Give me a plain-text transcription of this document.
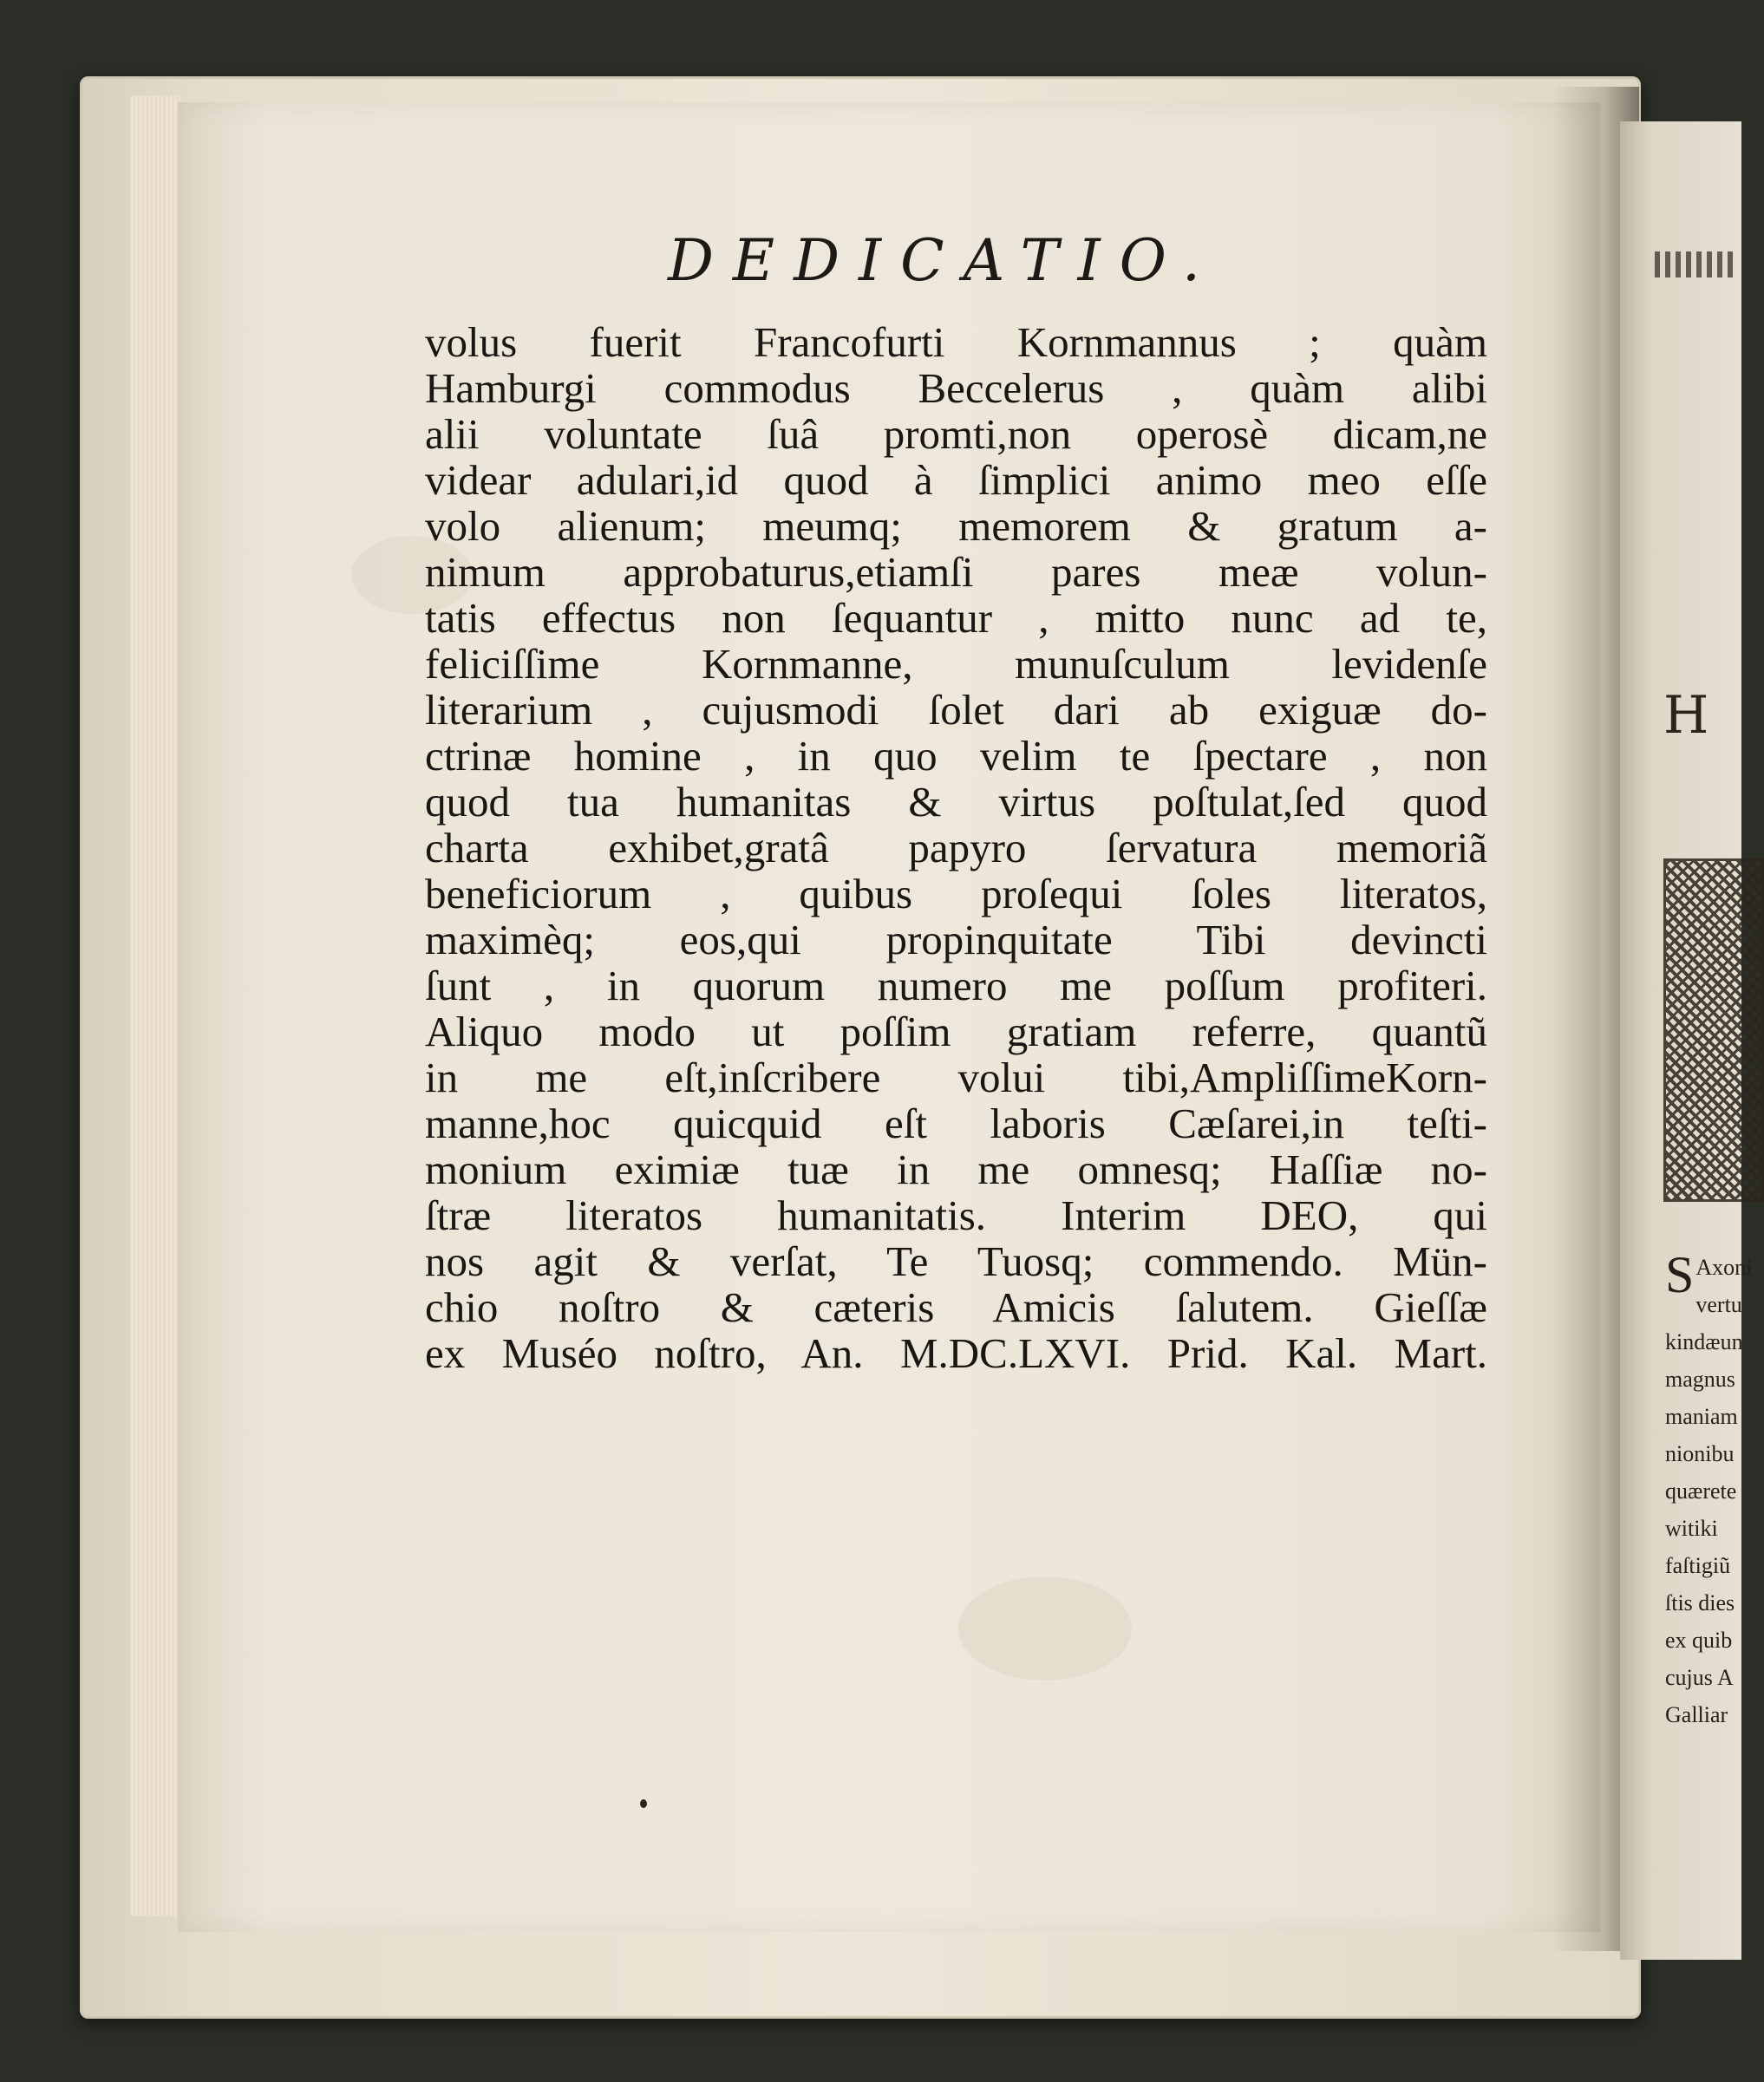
H
S Axoni
vertu
kindæun
magnus
maniam
nionibu
quærete
witiki
faſtigiũ
ſtis dies
ex quib
cujus A
Galliar
DEDICATIO.
volus fuerit Francofurti Kornmannus ; quàm
Hamburgi commodus Beccelerus , quàm alibi
alii voluntate ſuâ promti,non operosè dicam,ne
videar adulari,id quod à ſimplici animo meo eſſe
volo alienum; meumq; memorem & gratum a-
nimum approbaturus,etiamſi pares meæ volun-
tatis effectus non ſequantur , mitto nunc ad te,
feliciſſime Kornmanne, munuſculum levidenſe
literarium , cujusmodi ſolet dari ab exiguæ do-
ctrinæ homine , in quo velim te ſpectare , non
quod tua humanitas & virtus poſtulat,ſed quod
charta exhibet,gratâ papyro ſervatura memoriã
beneficiorum , quibus proſequi ſoles literatos,
maximèq; eos,qui propinquitate Tibi devincti
ſunt , in quorum numero me poſſum profiteri.
Aliquo modo ut poſſim gratiam referre, quantũ
in me eſt,inſcribere volui tibi,AmpliſſimeKorn-
manne,hoc quicquid eſt laboris Cæſarei,in teſti-
monium eximiæ tuæ in me omnesq; Haſſiæ no-
ſtræ literatos humanitatis. Interim DEO, qui
nos agit & verſat, Te Tuosq; commendo. Mün-
chio noſtro & cæteris Amicis ſalutem. Gieſſæ
ex Muséo noſtro, An. M.DC.LXVI. Prid. Kal. Mart.
